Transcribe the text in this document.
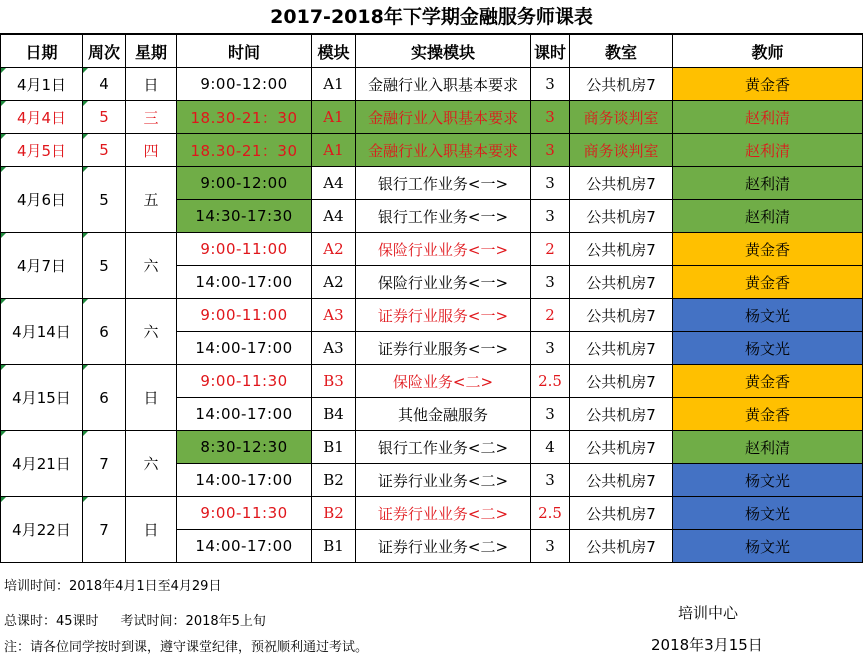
2017-2018年下学期金融服务师课表
日期	周次	星期	时间	模块	实操模块	课时	教室	教师
4月1日	4	日	9:00-12:00	A1	金融行业入职基本要求	3	公共机房7	黄金香
4月4日	5	三	18.30-21：30	A1	金融行业入职基本要求	3	商务谈判室	赵利清
4月5日	5	四	18.30-21：30	A1	金融行业入职基本要求	3	商务谈判室	赵利清
4月6日	5	五	9:00-12:00	A4	银行工作业务<一>	3	公共机房7	赵利清
			14:30-17:30	A4	银行工作业务<一>	3	公共机房7	赵利清
4月7日	5	六	9:00-11:00	A2	保险行业业务<一>	2	公共机房7	黄金香
			14:00-17:00	A2	保险行业业务<一>	3	公共机房7	黄金香
4月14日	6	六	9:00-11:00	A3	证券行业服务<一>	2	公共机房7	杨文光
			14:00-17:00	A3	证券行业服务<一>	3	公共机房7	杨文光
4月15日	6	日	9:00-11:30	B3	保险业务<二>	2.5	公共机房7	黄金香
			14:00-17:00	B4	其他金融服务	3	公共机房7	黄金香
4月21日	7	六	8:30-12:30	B1	银行工作业务<二>	4	公共机房7	赵利清
			14:00-17:00	B2	证券行业业务<二>	3	公共机房7	杨文光
4月22日	7	日	9:00-11:30	B2	证券行业业务<二>	2.5	公共机房7	杨文光
			14:00-17:00	B1	证券行业业务<二>	3	公共机房7	杨文光
培训时间：2018年4月1日至4月29日
总课时：45课时 考试时间：2018年5上旬
注：请各位同学按时到课，遵守课堂纪律，预祝顺利通过考试。
培训中心
2018年3月15日
